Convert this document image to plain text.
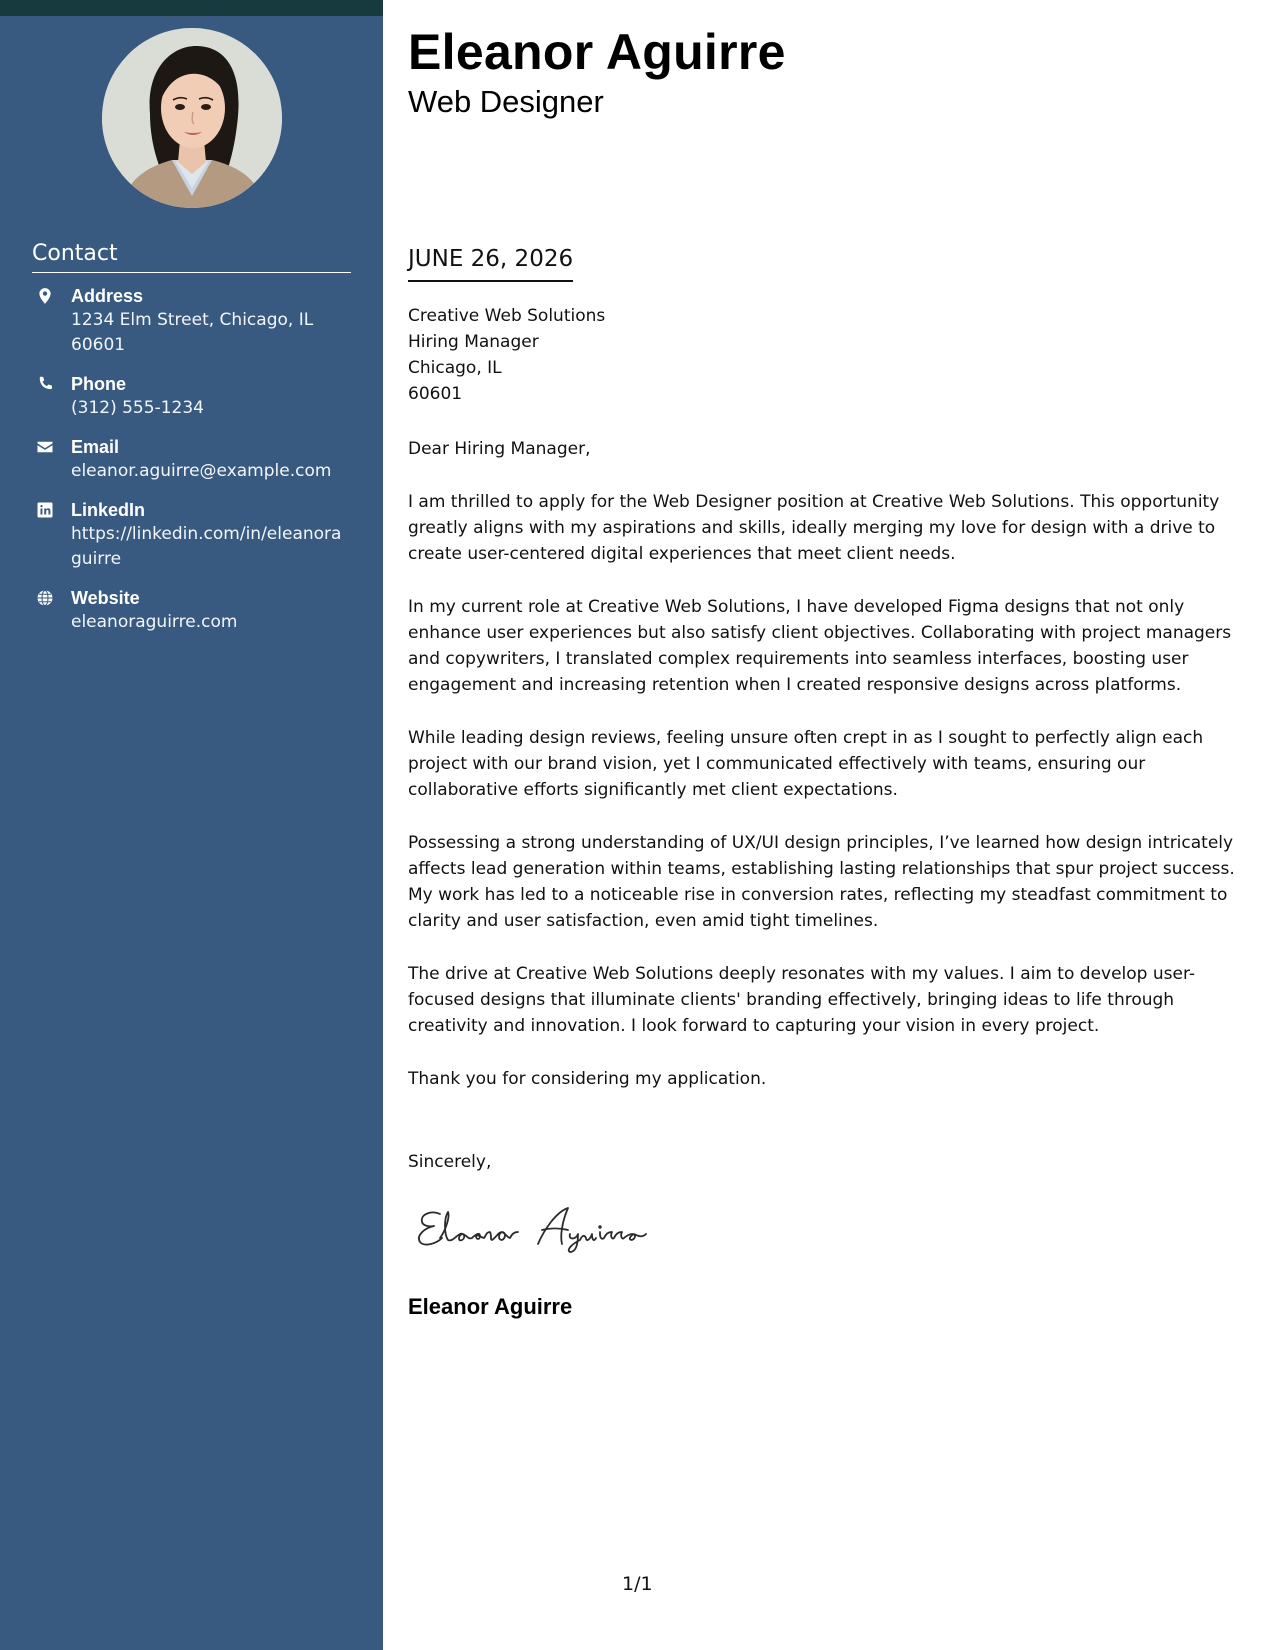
Contact
Address
1234 Elm Street, Chicago, IL 60601
Phone
(312) 555-1234
Email
eleanor.aguirre@example.com
LinkedIn
https://linkedin.com/in/eleanoraguirre
Website
eleanoraguirre.com
Eleanor Aguirre
Web Designer
JUNE 26, 2026
Creative Web Solutions
Hiring Manager
Chicago, IL
60601
Dear Hiring Manager,

I am thrilled to apply for the Web Designer position at Creative Web Solutions. This opportunity greatly aligns with my aspirations and skills, ideally merging my love for design with a drive to create user-centered digital experiences that meet client needs.

In my current role at Creative Web Solutions, I have developed Figma designs that not only enhance user experiences but also satisfy client objectives. Collaborating with project managers and copywriters, I translated complex requirements into seamless interfaces, boosting user engagement and increasing retention when I created responsive designs across platforms.

While leading design reviews, feeling unsure often crept in as I sought to perfectly align each project with our brand vision, yet I communicated effectively with teams, ensuring our collaborative efforts significantly met client expectations.

Possessing a strong understanding of UX/UI design principles, I’ve learned how design intricately affects lead generation within teams, establishing lasting relationships that spur project success. My work has led to a noticeable rise in conversion rates, reflecting my steadfast commitment to clarity and user satisfaction, even amid tight timelines.

The drive at Creative Web Solutions deeply resonates with my values. I aim to develop user-focused designs that illuminate clients' branding effectively, bringing ideas to life through creativity and innovation. I look forward to capturing your vision in every project.

Thank you for considering my application.

Sincerely,
Eleanor Aguirre
1/1
